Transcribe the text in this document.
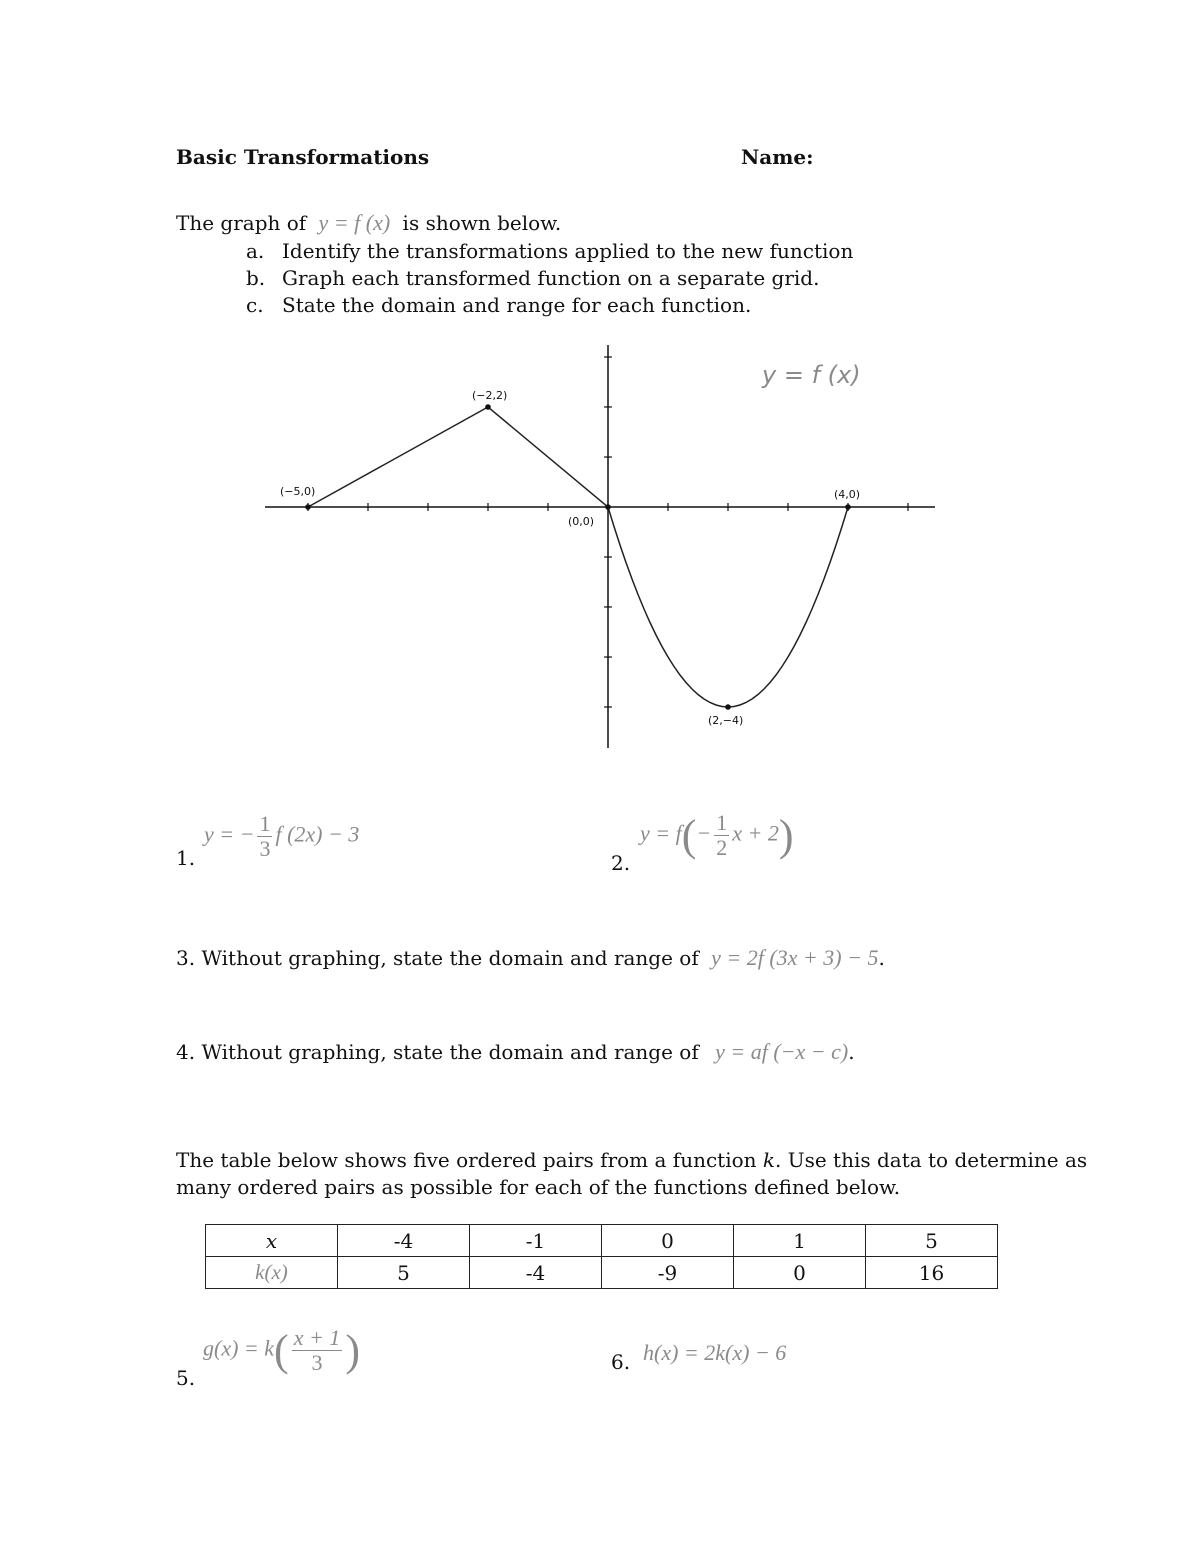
Basic Transformations	Name:
The graph of y = f (x) is shown below.
a. Identify the transformations applied to the new function
b. Graph each transformed function on a separate grid.
c. State the domain and range for each function.
(−5,0)
(−2,2)
(0,0)
(4,0)
(2,−4)
y = f (x)
1.
y = − $\frac{1}{3}$ f (2x) − 3
2.
$y = f(- \frac{1}{2}$ x + 2)
3. Without graphing, state the domain and range of y = 2f (3x + 3) − 5.
4. Without graphing, state the domain and range of y = af (−x − c).
The table below shows five ordered pairs from a function k. Use this data to determine as
many ordered pairs as possible for each of the functions defined below.
x	-4	-1	0	1	5
k(x)	5	-4	-9	0	16
5.
$g(x) = k( \frac{x + 1}{3}$ )	6. h(x) = 2k(x) − 6
